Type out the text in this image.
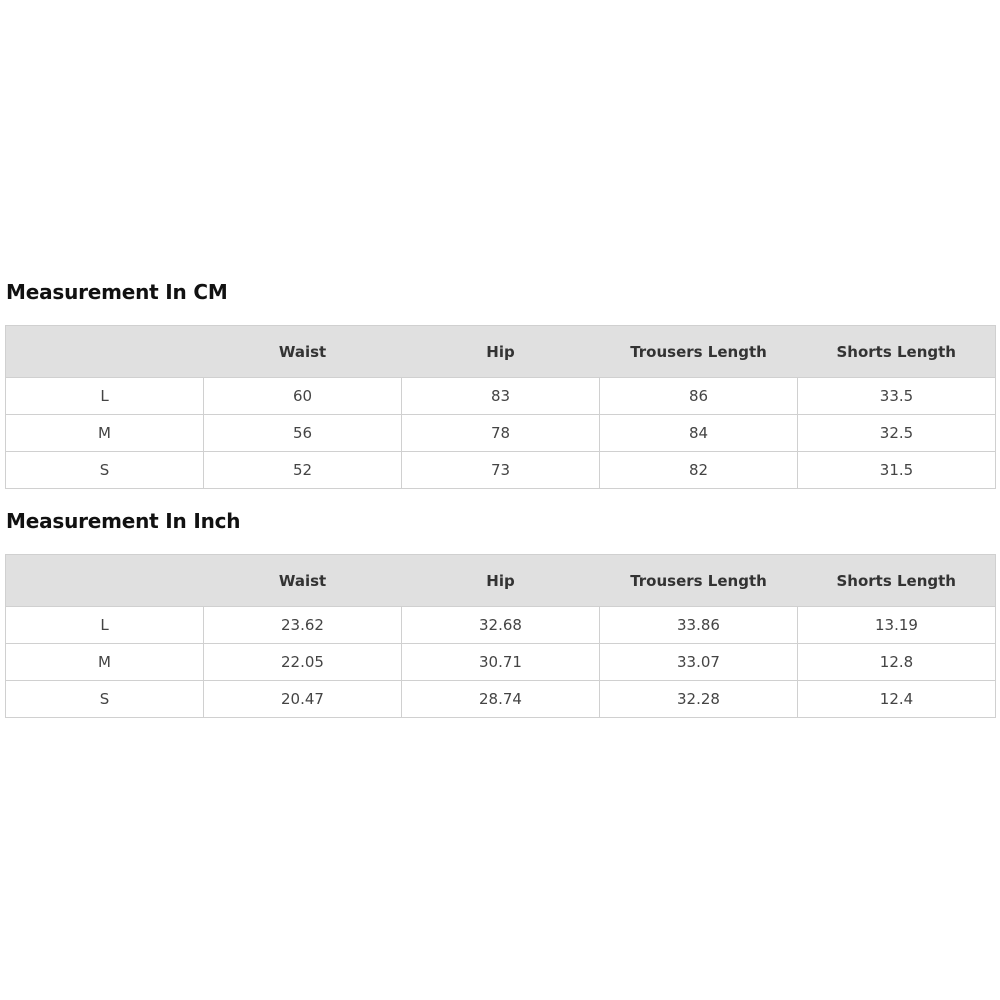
Measurement In CM
	Waist	Hip	Trousers Length	Shorts Length
L	60	83	86	33.5
M	56	78	84	32.5
S	52	73	82	31.5
Measurement In Inch
	Waist	Hip	Trousers Length	Shorts Length
L	23.62	32.68	33.86	13.19
M	22.05	30.71	33.07	12.8
S	20.47	28.74	32.28	12.4
